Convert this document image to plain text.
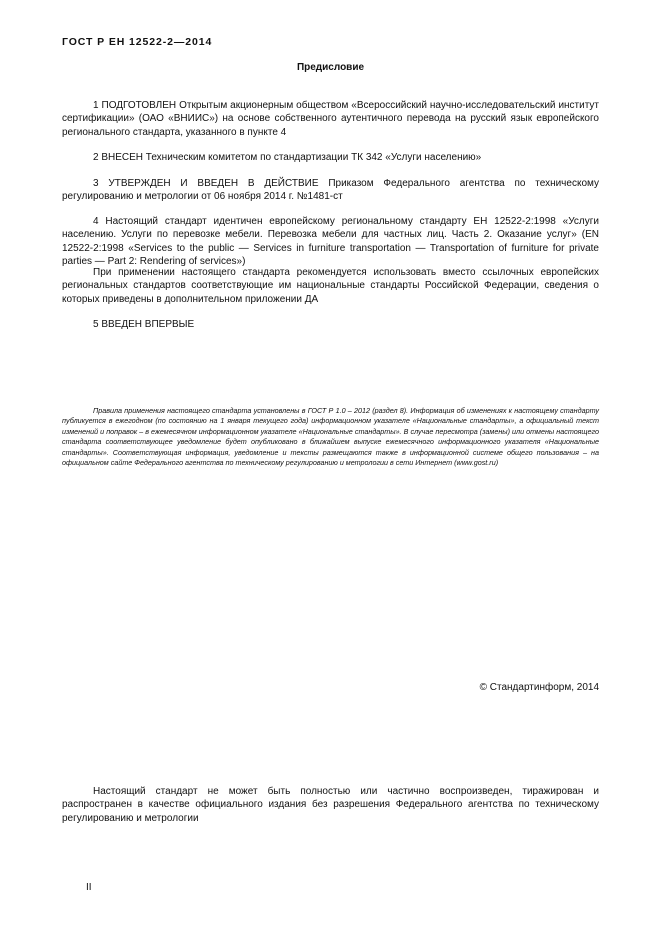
ГОСТ Р ЕН 12522-2—2014
Предисловие

1 ПОДГОТОВЛЕН Открытым акционерным обществом «Всероссийский научно-исследовательский институт сертификации» (ОАО «ВНИИС») на основе собственного аутентичного перевода на русский язык европейского регионального стандарта, указанного в пункте 4

2 ВНЕСЕН Техническим комитетом по стандартизации ТК 342 «Услуги населению»

3 УТВЕРЖДЕН И ВВЕДЕН В ДЕЙСТВИЕ Приказом Федерального агентства по техническому регулированию и метрологии от 06 ноября 2014 г. №1481-ст

4 Настоящий стандарт идентичен европейскому региональному стандарту ЕН 12522-2:1998 «Услуги населению. Услуги по перевозке мебели. Перевозка мебели для частных лиц. Часть 2. Оказание услуг» (EN 12522-2:1998 «Services to the public — Services in furniture transportation — Transportation of furniture for private parties — Part 2: Rendering of services»)

При применении настоящего стандарта рекомендуется использовать вместо ссылочных европейских региональных стандартов соответствующие им национальные стандарты Российской Федерации, сведения о которых приведены в дополнительном приложении ДА

5 ВВЕДЕН ВПЕРВЫЕ

Правила применения настоящего стандарта установлены в ГОСТ Р 1.0 – 2012 (раздел 8). Информация об изменениях к настоящему стандарту публикуется в ежегодном (по состоянию на 1 января текущего года) информационном указателе «Национальные стандарты», а официальный текст изменений и поправок – в ежемесячном информационном указателе «Национальные стандарты». В случае пересмотра (замены) или отмены настоящего стандарта соответствующее уведомление будет опубликовано в ближайшем выпуске ежемесячного информационного указателя «Национальные стандарты». Соответствующая информация, уведомление и тексты размещаются также в информационной системе общего пользования – на официальном сайте Федерального агентства по техническому регулированию и метрологии в сети Интернет (www.gost.ru)

© Стандартинформ, 2014

Настоящий стандарт не может быть полностью или частично воспроизведен, тиражирован и распространен в качестве официального издания без разрешения Федерального агентства по техническому регулированию и метрологии

II
